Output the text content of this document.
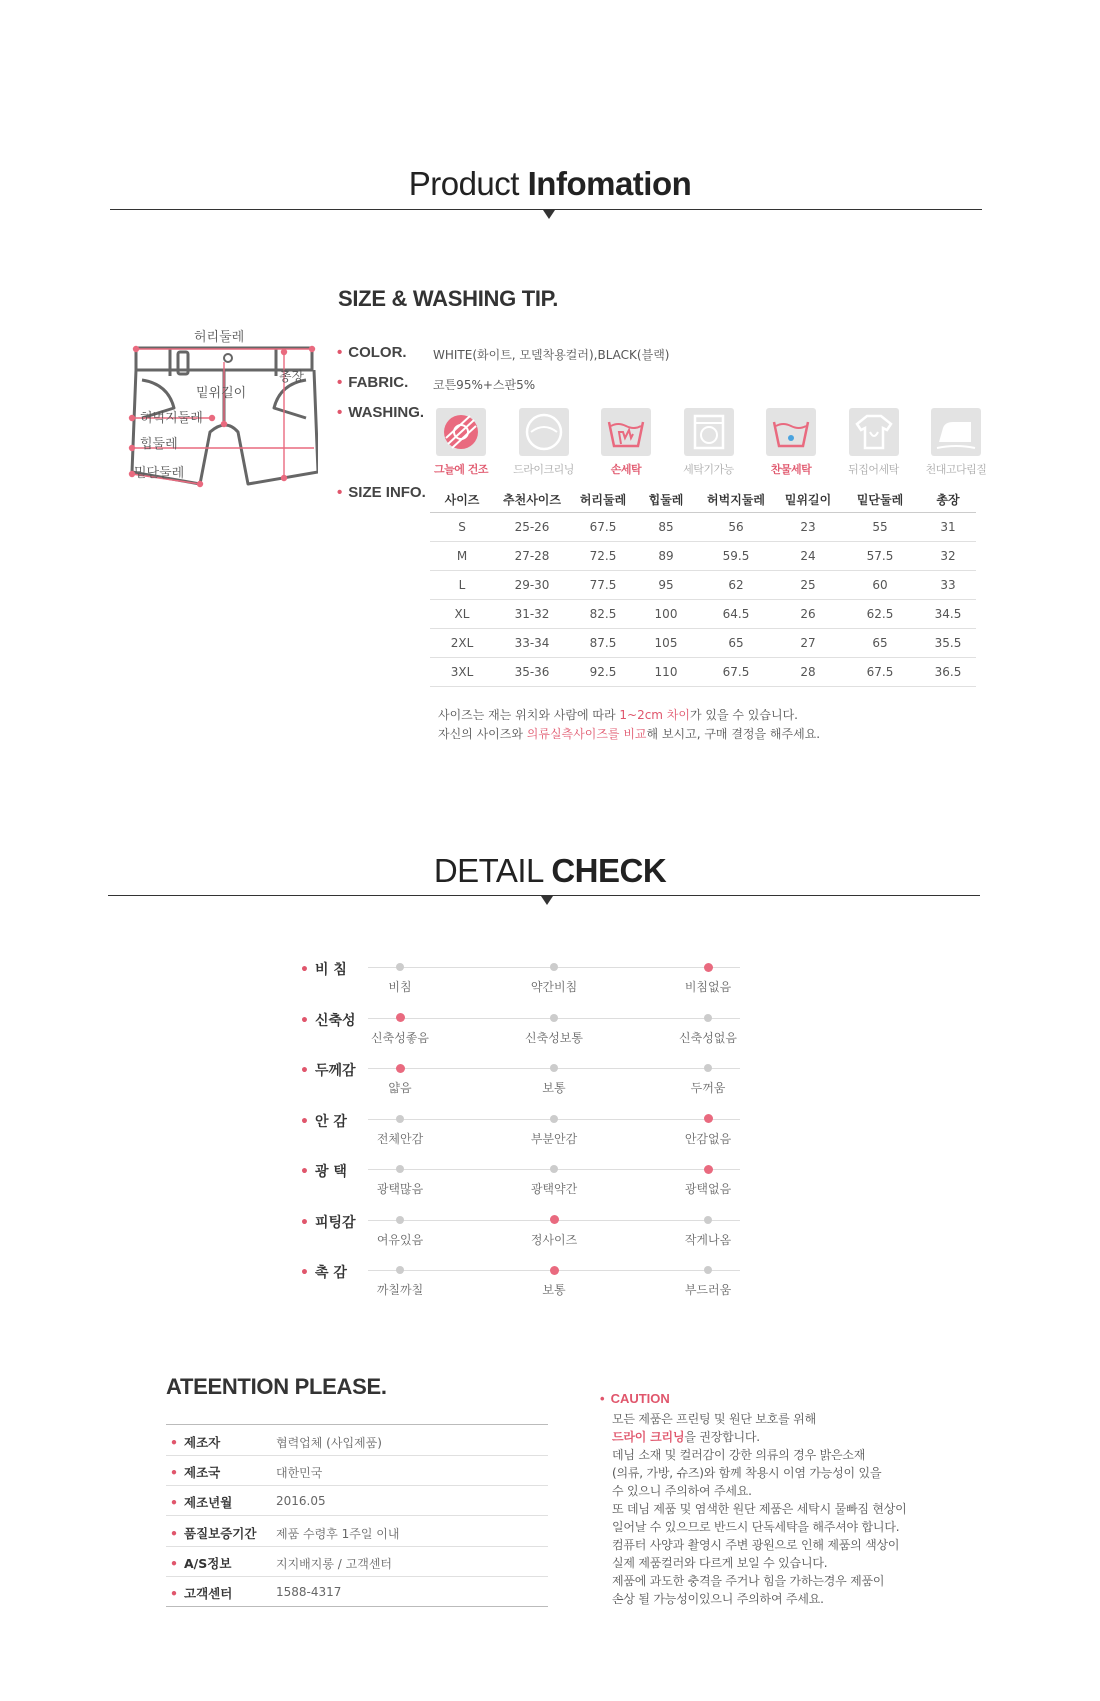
Product Infomation
SIZE & WASHING TIP.
허리둘레
총장
밑위길이
허벅지둘레
힙둘레
밑단둘레
• COLOR. WHITE(화이트, 모델착용컬러),BLACK(블랙)
• FABRIC. 코튼95%+스판5%
• WASHING.
그늘에 건조	드라이크리닝	손세탁	세탁기가능	찬물세탁	뒤집어세탁	천대고다림질
• SIZE INFO. 사이즈	추천사이즈	허리둘레	힙둘레	허벅지둘레	밑위길이	밑단둘레	총장
S	25-26	67.5	85	56	23	55	31
M	27-28	72.5	89	59.5	24	57.5	32
L	29-30	77.5	95	62	25	60	33
XL	31-32	82.5	100	64.5	26	62.5	34.5
2XL	33-34	87.5	105	65	27	65	35.5
3XL	35-36	92.5	110	67.5	28	67.5	36.5
사이즈는 재는 위치와 사람에 따라 1~2cm 차이가 있을 수 있습니다.
자신의 사이즈와 의류실측사이즈를 비교해 보시고, 구매 결정을 해주세요.
DETAIL CHECK
• 비 침
비침	약간비침	비침없음
• 신축성
신축성좋음	신축성보통	신축성없음
• 두께감
얇음	보통	두꺼움
• 안 감
전체안감	부분안감	안감없음
• 광 택
광택많음	광택약간	광택없음
• 피팅감
여유있음	정사이즈	작게나옴
• 촉 감
까칠까칠	보통	부드러움
ATEENTION PLEASE.
• 제조자	협력업체 (사입제품)
• 제조국	대한민국
• 제조년월	2016.05
• 품질보증기간 제품 수령후 1주일 이내
• A/S정보	지지배지롱 / 고객센터
• 고객센터	1588-4317
• CAUTION

모든 제품은 프린팅 및 원단 보호를 위해

드라이 크리닝을 권장합니다.

데님 소재 및 컬러감이 강한 의류의 경우 밝은소재

(의류, 가방, 슈즈)와 함께 착용시 이염 가능성이 있을

수 있으니 주의하여 주세요.

또 데님 제품 및 염색한 원단 제품은 세탁시 물빠짐 현상이

일어날 수 있으므로 반드시 단독세탁을 해주셔야 합니다.

컴퓨터 사양과 촬영시 주변 광원으로 인해 제품의 색상이

실제 제품컬러와 다르게 보일 수 있습니다.

제품에 과도한 충격을 주거나 힘을 가하는경우 제품이

손상 될 가능성이있으니 주의하여 주세요.
